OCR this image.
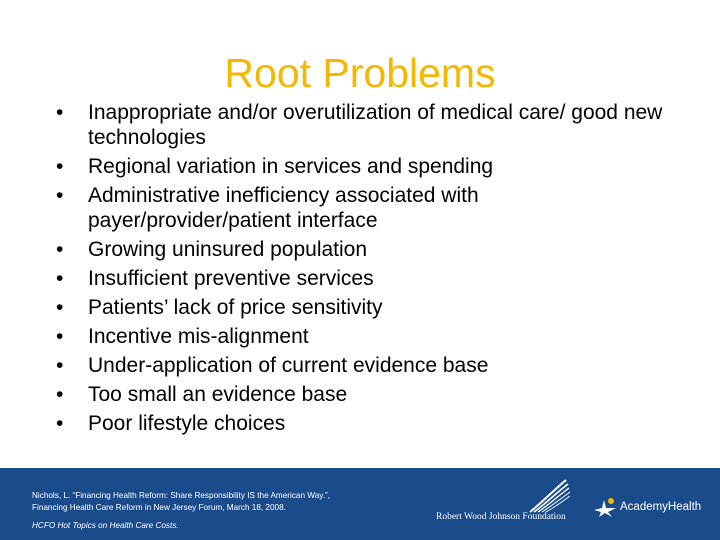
Root Problems
• Inappropriate and/or overutilization of medical care/ good new technologies
• Regional variation in services and spending
• Administrative inefficiency associated with payer/provider/patient interface
• Growing uninsured population
• Insufficient preventive services
• Patients’ lack of price sensitivity
• Incentive mis-alignment
• Under-application of current evidence base
• Too small an evidence base
• Poor lifestyle choices
Nichols, L. “Financing Health Reform: Share Responsibility IS the American Way.”,
Financing Health Care Reform in New Jersey Forum, March 18, 2008.
HCFO Hot Topics on Health Care Costs.
Robert Wood Johnson Foundation
AcademyHealth
